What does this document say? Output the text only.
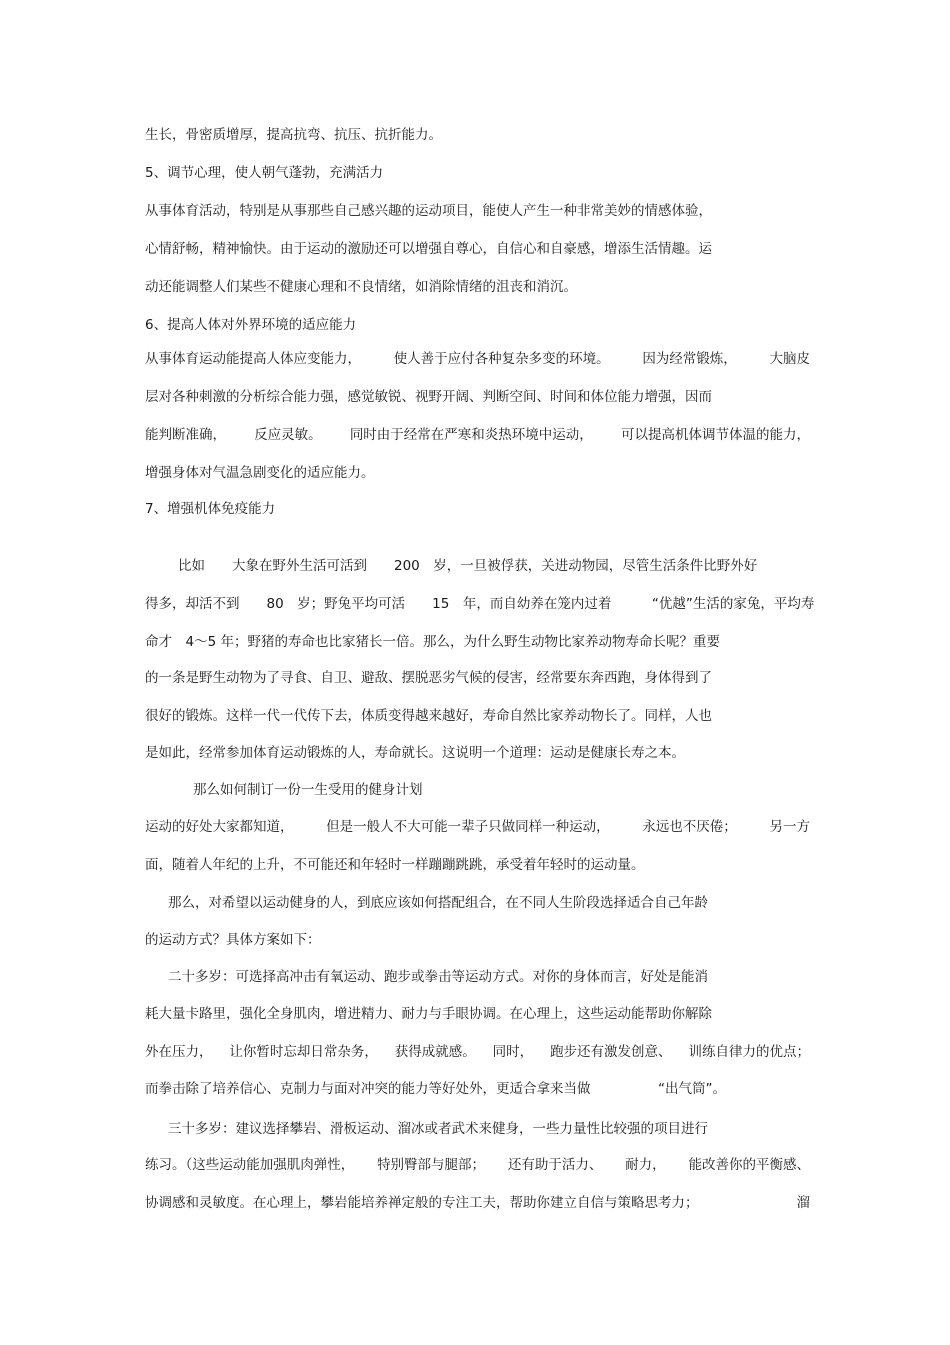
生长，骨密质增厚，提高抗弯、抗压、抗折能力。
5、调节心理，使人朝气蓬勃，充满活力
从事体育活动，特别是从事那些自己感兴趣的运动项目，能使人产生一种非常美妙的情感体验，
心情舒畅，精神愉快。由于运动的激励还可以增强自尊心，自信心和自豪感，增添生活情趣。运
动还能调整人们某些不健康心理和不良情绪，如消除情绪的沮丧和消沉。
6、提高人体对外界环境的适应能力
从事体育运动能提高人体应变能力， 使人善于应付各种复杂多变的环境。 因为经常锻炼， 大脑皮
层对各种刺激的分析综合能力强，感觉敏锐、视野开阔、判断空间、时间和体位能力增强，因而
能判断准确， 反应灵敏。 同时由于经常在严寒和炎热环境中运动， 可以提高机体调节体温的能力，
增强身体对气温急剧变化的适应能力。
7、增强机体免疫能力
比如　　大象在野外生活可活到　　200　岁，一旦被俘获，关进动物园，尽管生活条件比野外好
得多，却活不到　　80　岁；野兔平均可活　　15　年，而自幼养在笼内过着　　　“优越”生活的家兔，平均寿
命才　4～5 年；野猪的寿命也比家猪长一倍。那么，为什么野生动物比家养动物寿命长呢？重要
的一条是野生动物为了寻食、自卫、避敌、摆脱恶劣气候的侵害，经常要东奔西跑，身体得到了
很好的锻炼。这样一代一代传下去，体质变得越来越好，寿命自然比家养动物长了。同样，人也
是如此，经常参加体育运动锻炼的人，寿命就长。这说明一个道理：运动是健康长寿之本。
那么如何制订一份一生受用的健身计划
运动的好处大家都知道， 但是一般人不大可能一辈子只做同样一种运动， 永远也不厌倦； 另一方
面，随着人年纪的上升，不可能还和年轻时一样蹦蹦跳跳，承受着年轻时的运动量。
那么，对希望以运动健身的人，到底应该如何搭配组合，在不同人生阶段选择适合自己年龄
的运动方式？具体方案如下：
二十多岁：可选择高冲击有氧运动、跑步或拳击等运动方式。对你的身体而言，好处是能消
耗大量卡路里，强化全身肌肉，增进精力、耐力与手眼协调。在心理上，这些运动能帮助你解除
外在压力， 让你暂时忘却日常杂务， 获得成就感。 同时， 跑步还有激发创意、 训练自律力的优点；
而拳击除了培养信心、克制力与面对冲突的能力等好处外，更适合拿来当做　　　　　“出气筒”。
三十多岁：建议选择攀岩、滑板运动、溜冰或者武术来健身，一些力量性比较强的项目进行
练习。（这些运动能加强肌肉弹性， 特别臀部与腿部； 还有助于活力、 耐力， 能改善你的平衡感、
协调感和灵敏度。在心理上，攀岩能培养禅定般的专注工夫，帮助你建立自信与策略思考力；	溜
